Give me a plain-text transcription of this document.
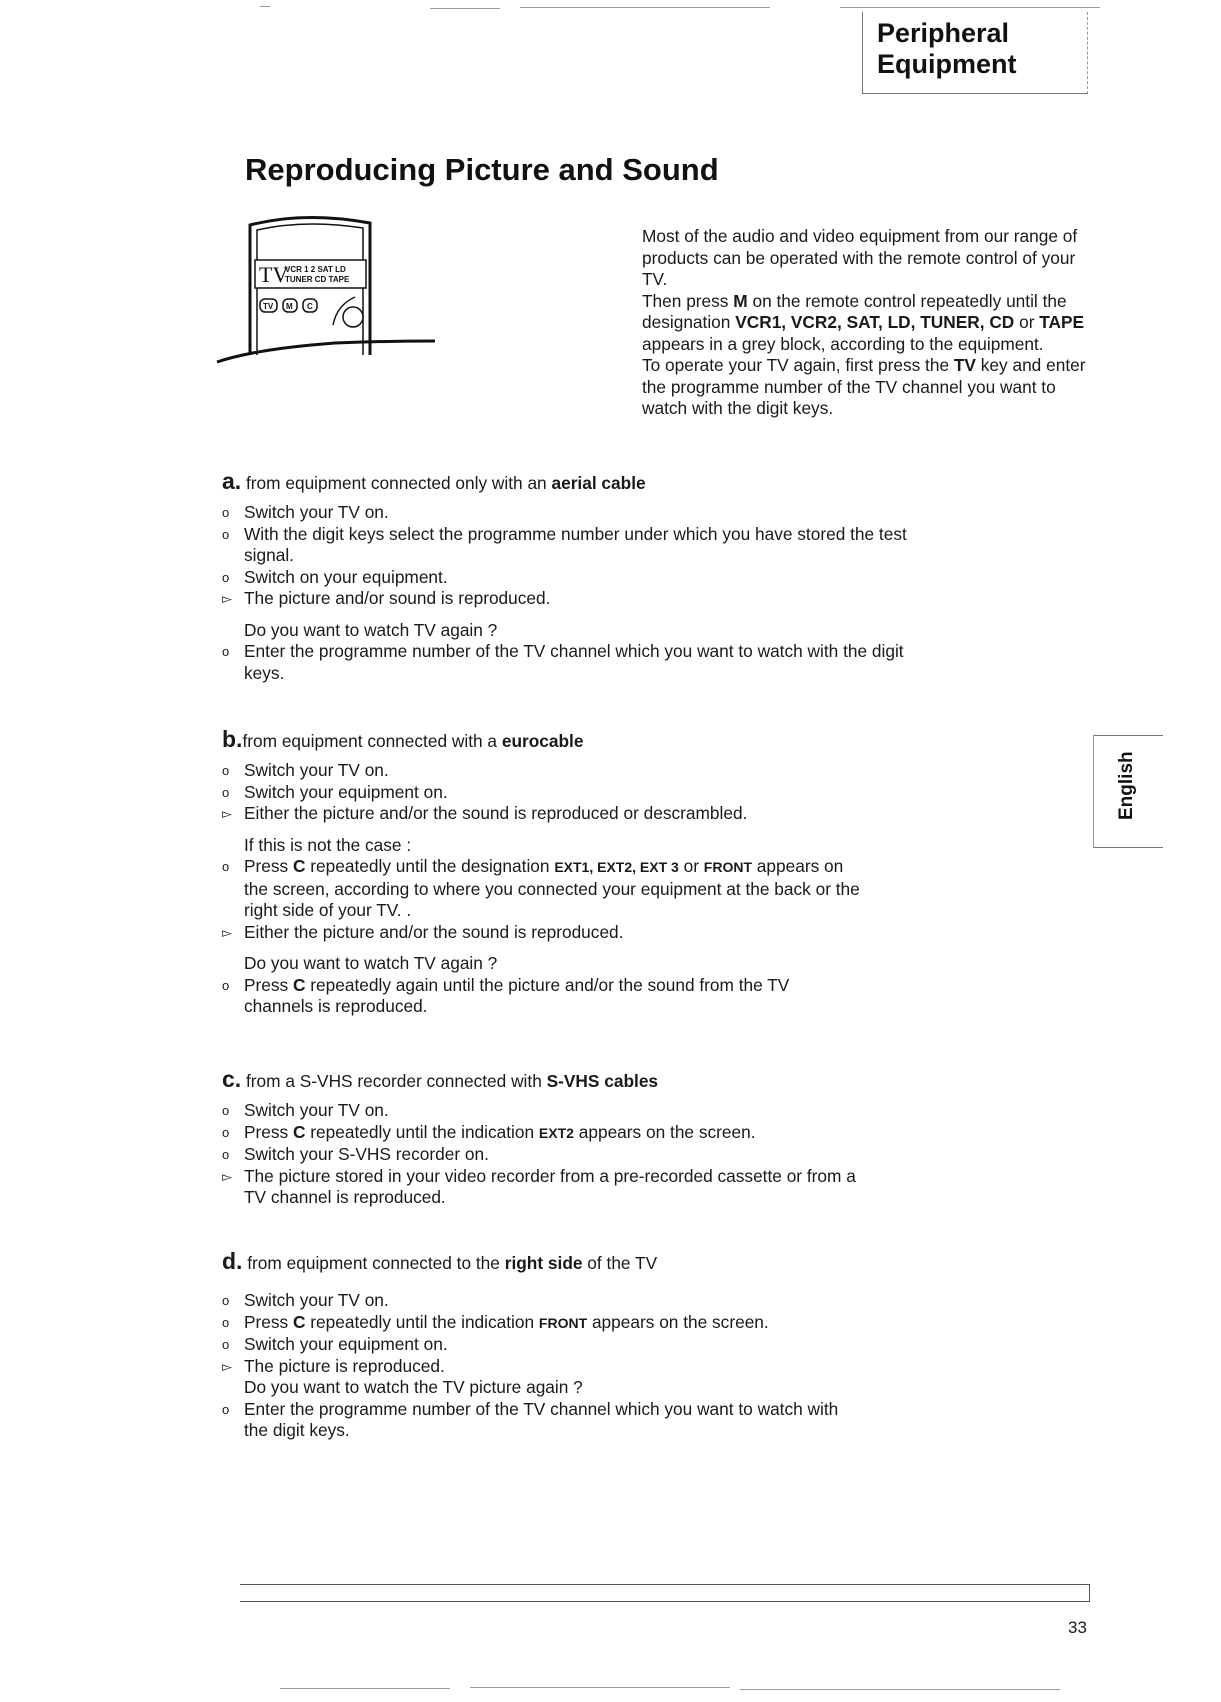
Peripheral
Equipment
Reproducing Picture and Sound
TV
VCR 1 2 SAT LD
TUNER CD TAPE
TV M C

Most of the audio and video equipment from our range of products can be operated with the remote control of your TV.

Then press M on the remote control repeatedly until the designation VCR1, VCR2, SAT, LD, TUNER, CD or TAPE appears in a grey block, according to the equipment.

To operate your TV again, first press the TV key and enter the programme number of the TV channel you want to watch with the digit keys.

a. from equipment connected only with an aerial cable
o Switch your TV on.
o With the digit keys select the programme number under which you have stored the test signal.
o Switch on your equipment.
▻ The picture and/or sound is reproduced.
Do you want to watch TV again ?
o Enter the programme number of the TV channel which you want to watch with the digit keys.
b.from equipment connected with a eurocable
o Switch your TV on.
o Switch your equipment on.
▻ Either the picture and/or the sound is reproduced or descrambled.
If this is not the case :
o Press C repeatedly until the designation EXT1, EXT2, EXT 3 or FRONT appears on the screen, according to where you connected your equipment at the back or the right side of your TV. .
▻ Either the picture and/or the sound is reproduced.
Do you want to watch TV again ?
o Press C repeatedly again until the picture and/or the sound from the TV channels is reproduced.
c. from a S-VHS recorder connected with S-VHS cables
o Switch your TV on.
o Press C repeatedly until the indication EXT2 appears on the screen.
o Switch your S-VHS recorder on.
▻ The picture stored in your video recorder from a pre-recorded cassette or from a TV channel is reproduced.
d. from equipment connected to the right side of the TV
o Switch your TV on.
o Press C repeatedly until the indication FRONT appears on the screen.
o Switch your equipment on.
▻ The picture is reproduced.
Do you want to watch the TV picture again ?
o Enter the programme number of the TV channel which you want to watch with the digit keys.
English
33
